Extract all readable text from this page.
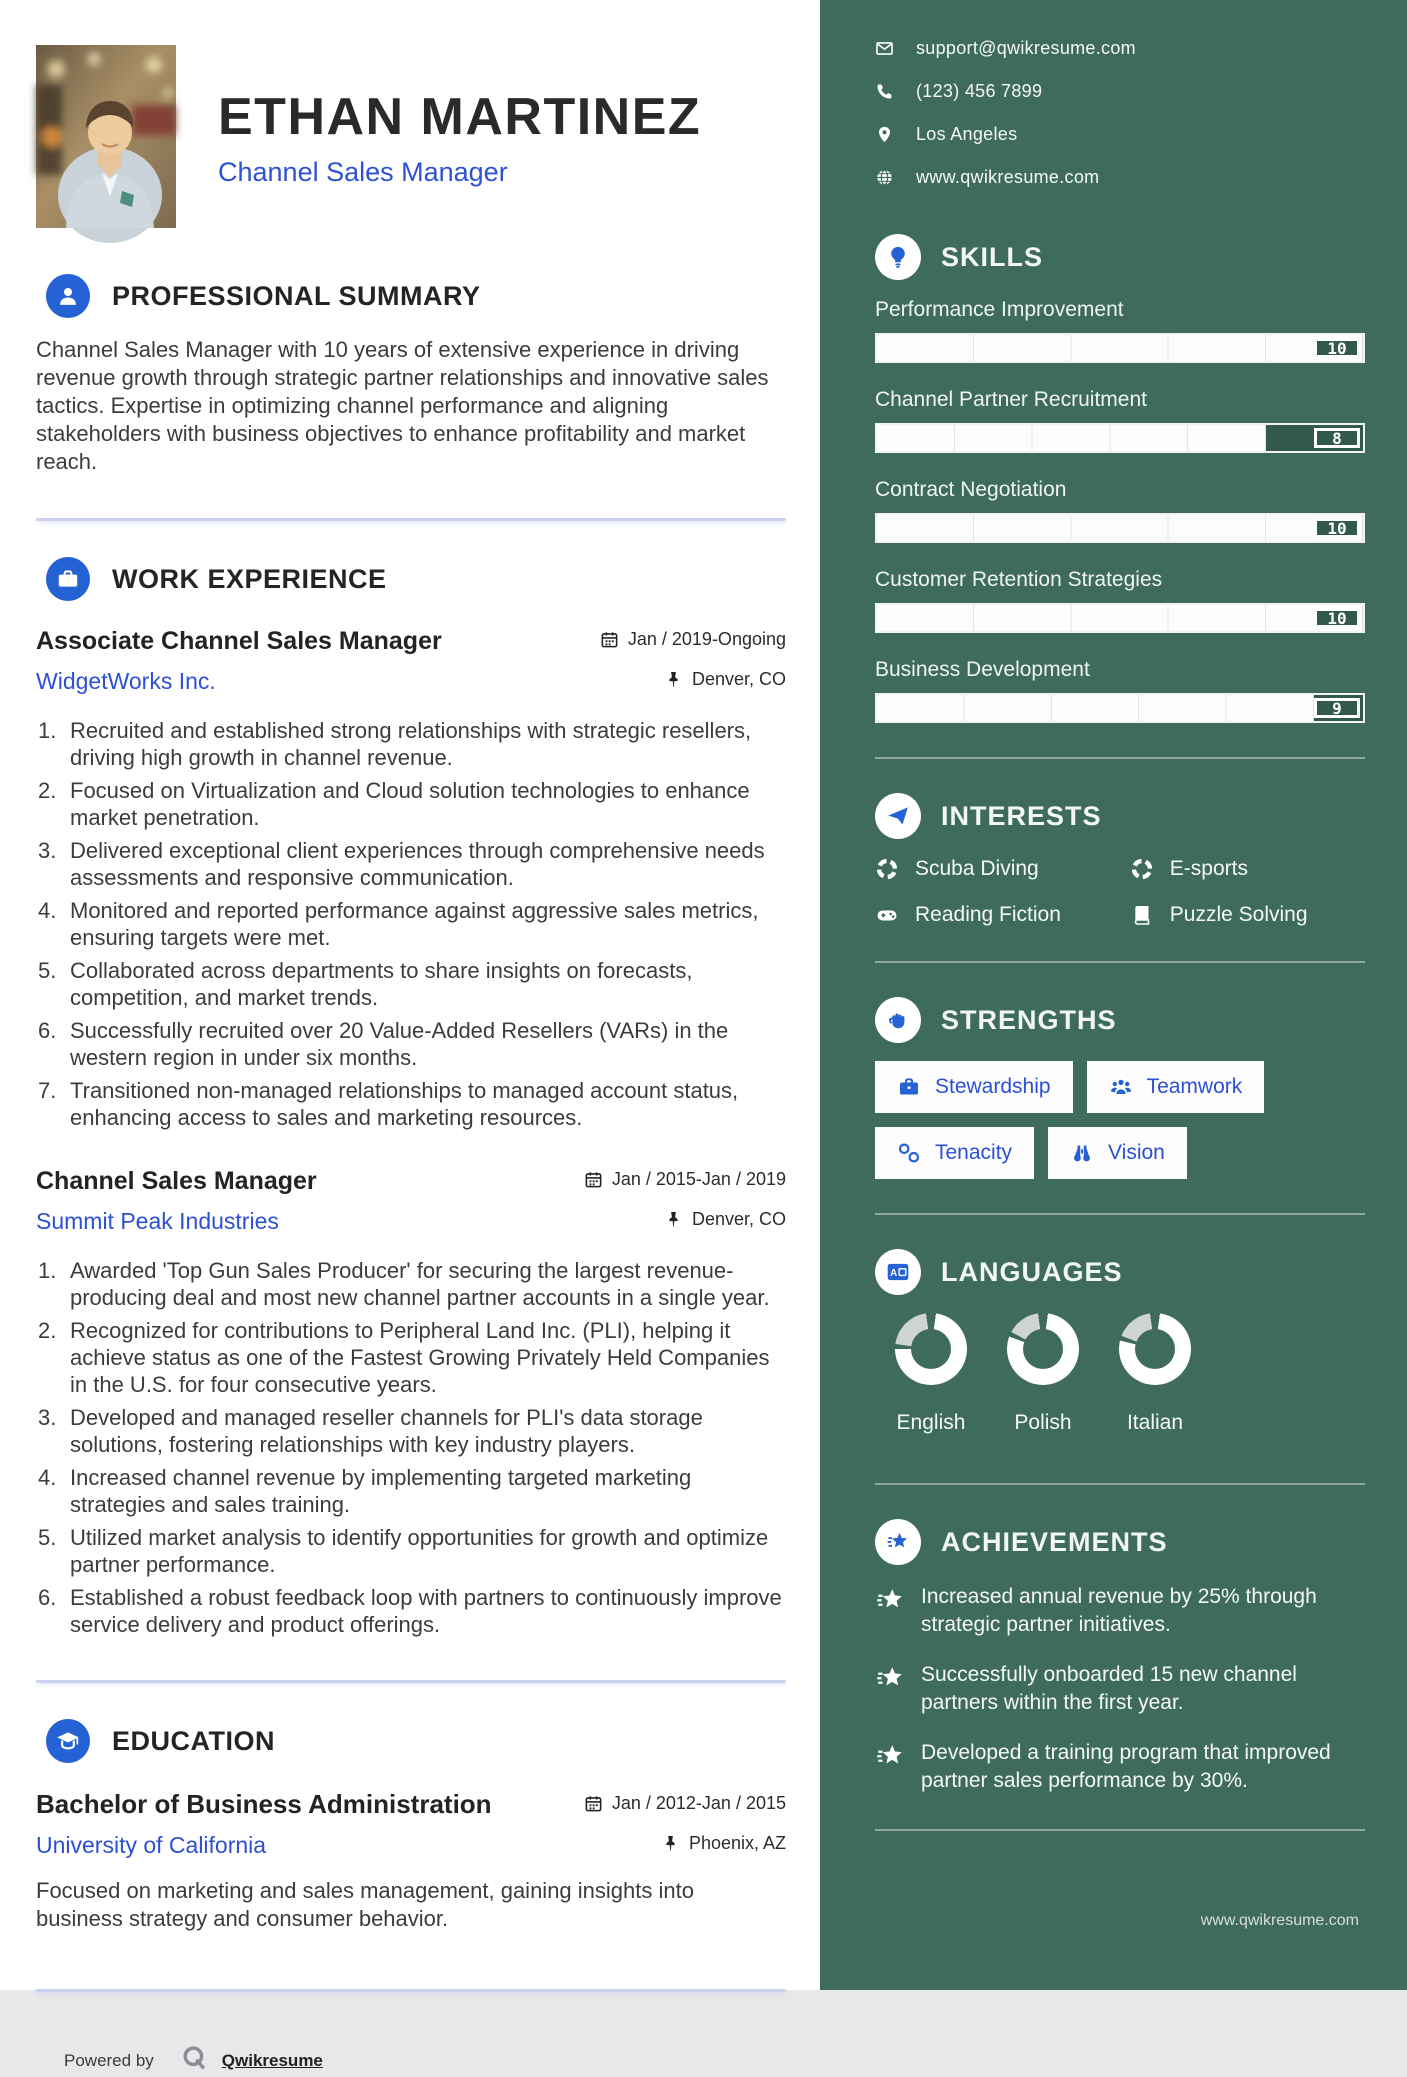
ETHAN MARTINEZ
Channel Sales Manager
PROFESSIONAL SUMMARY

Channel Sales Manager with 10 years of extensive experience in driving revenue growth through strategic partner relationships and innovative sales tactics. Expertise in optimizing channel performance and aligning stakeholders with business objectives to enhance profitability and market reach.

WORK EXPERIENCE
Associate Channel Sales Manager	Jan / 2019-Ongoing
WidgetWorks Inc.	Denver, CO
Recruited and established strong relationships with strategic resellers, driving high growth in channel revenue.
Focused on Virtualization and Cloud solution technologies to enhance market penetration.
Delivered exceptional client experiences through comprehensive needs assessments and responsive communication.
Monitored and reported performance against aggressive sales metrics, ensuring targets were met.
Collaborated across departments to share insights on forecasts, competition, and market trends.
Successfully recruited over 20 Value-Added Resellers (VARs) in the western region in under six months.
Transitioned non-managed relationships to managed account status, enhancing access to sales and marketing resources.
Channel Sales Manager	Jan / 2015-Jan / 2019
Summit Peak Industries	Denver, CO
Awarded 'Top Gun Sales Producer' for securing the largest revenue-producing deal and most new channel partner accounts in a single year.
Recognized for contributions to Peripheral Land Inc. (PLI), helping it achieve status as one of the Fastest Growing Privately Held Companies in the U.S. for four consecutive years.
Developed and managed reseller channels for PLI's data storage solutions, fostering relationships with key industry players.
Increased channel revenue by implementing targeted marketing strategies and sales training.
Utilized market analysis to identify opportunities for growth and optimize partner performance.
Established a robust feedback loop with partners to continuously improve service delivery and product offerings.
EDUCATION
Bachelor of Business Administration	Jan / 2012-Jan / 2015
University of California	Phoenix, AZ

Focused on marketing and sales management, gaining insights into business strategy and consumer behavior.

Powered by	Qwikresume
support@qwikresume.com
(123) 456 7899
Los Angeles
www.qwikresume.com
SKILLS
Performance Improvement
10
Channel Partner Recruitment
8
Contract Negotiation
10
Customer Retention Strategies
10
Business Development
9
INTERESTS
Scuba Diving	E-sports
Reading Fiction	Puzzle Solving
STRENGTHS
Stewardship	Teamwork
Tenacity	Vision
A LANGUAGES
English Polish	Italian
ACHIEVEMENTS
Increased annual revenue by 25% through strategic partner initiatives.
Successfully onboarded 15 new channel partners within the first year.
Developed a training program that improved partner sales performance by 30%.
www.qwikresume.com
